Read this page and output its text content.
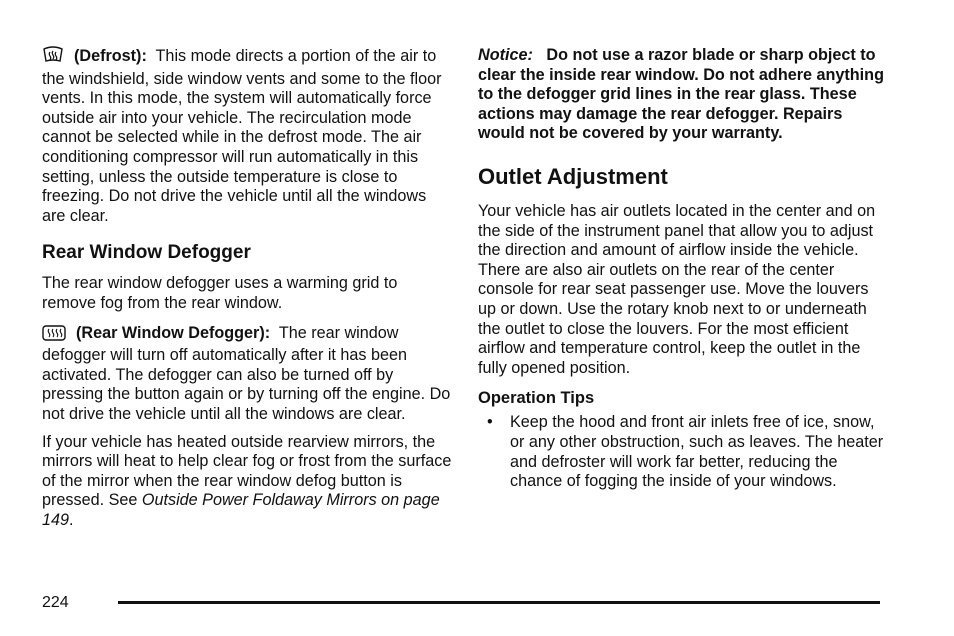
(Defrost): This mode directs a portion of the air to the windshield, side window vents and some to the floor vents. In this mode, the system will automatically force outside air into your vehicle. The recirculation mode cannot be selected while in the defrost mode. The air conditioning compressor will run automatically in this setting, unless the outside temperature is close to freezing. Do not drive the vehicle until all the windows are clear.

Rear Window Defogger

The rear window defogger uses a warming grid to remove fog from the rear window.

(Rear Window Defogger): The rear window defogger will turn off automatically after it has been activated. The defogger can also be turned off by pressing the button again or by turning off the engine. Do not drive the vehicle until all the windows are clear.

If your vehicle has heated outside rearview mirrors, the mirrors will heat to help clear fog or frost from the surface of the mirror when the rear window defog button is pressed. See Outside Power Foldaway Mirrors on page 149.

Notice: Do not use a razor blade or sharp object to clear the inside rear window. Do not adhere anything to the defogger grid lines in the rear glass. These actions may damage the rear defogger. Repairs would not be covered by your warranty.

Outlet Adjustment

Your vehicle has air outlets located in the center and on the side of the instrument panel that allow you to adjust the direction and amount of airflow inside the vehicle. There are also air outlets on the rear of the center console for rear seat passenger use. Move the louvers up or down. Use the rotary knob next to or underneath the outlet to close the louvers. For the most efficient airflow and temperature control, keep the outlet in the fully opened position.

Operation Tips
• Keep the hood and front air inlets free of ice, snow, or any other obstruction, such as leaves. The heater and defroster will work far better, reducing the chance of fogging the inside of your windows.
224
